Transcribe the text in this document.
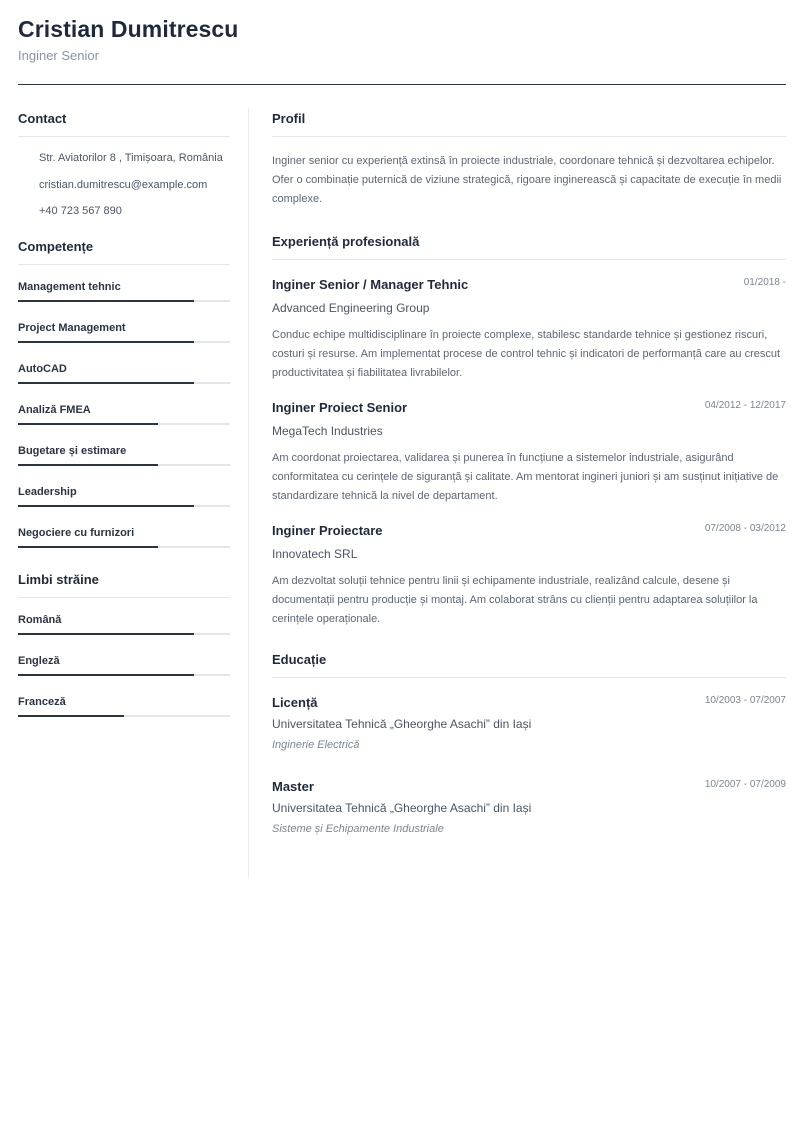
Cristian Dumitrescu
Inginer Senior
Contact
Str. Aviatorilor 8 , Timișoara, România
cristian.dumitrescu@example.com
+40 723 567 890
Competențe
Management tehnic
Project Management
AutoCAD
Analiză FMEA
Bugetare și estimare
Leadership
Negociere cu furnizori
Limbi străine
Română
Engleză
Franceză
Profil
Inginer senior cu experiență extinsă în proiecte industriale, coordonare tehnică și dezvoltarea echipelor. Ofer o combinație puternică de viziune strategică, rigoare inginerească și capacitate de execuție în medii complexe.
Experiență profesională
Inginer Senior / Manager Tehnic	01/2018 -
Advanced Engineering Group
Conduc echipe multidisciplinare în proiecte complexe, stabilesc standarde tehnice și gestionez riscuri, costuri și resurse. Am implementat procese de control tehnic și indicatori de performanță care au crescut productivitatea și fiabilitatea livrabilelor.
Inginer Proiect Senior	04/2012 - 12/2017
MegaTech Industries
Am coordonat proiectarea, validarea și punerea în funcțiune a sistemelor industriale, asigurând conformitatea cu cerințele de siguranță și calitate. Am mentorat ingineri juniori și am susținut inițiative de standardizare tehnică la nivel de departament.
Inginer Proiectare	07/2008 - 03/2012
Innovatech SRL
Am dezvoltat soluții tehnice pentru linii și echipamente industriale, realizând calcule, desene și documentații pentru producție și montaj. Am colaborat strâns cu clienții pentru adaptarea soluțiilor la cerințele operaționale.
Educație
Licență	10/2003 - 07/2007
Universitatea Tehnică „Gheorghe Asachi” din Iași
Inginerie Electrică
Master	10/2007 - 07/2009
Universitatea Tehnică „Gheorghe Asachi” din Iași
Sisteme și Echipamente Industriale
